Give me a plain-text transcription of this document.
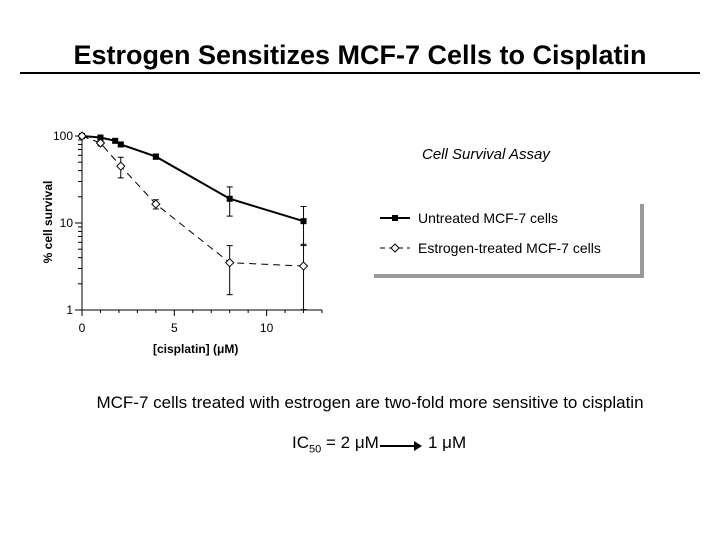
Estrogen Sensitizes MCF-7 Cells to Cisplatin
1
10
100
0	5	10
Cell Survival Assay
% cell survival
[cisplatin] (μM)
Untreated MCF-7 cells
Estrogen-treated MCF-7 cells
MCF-7 cells treated with estrogen are two-fold more sensitive to cisplatin
$IC_{50} = 2$ μM	1 μM
